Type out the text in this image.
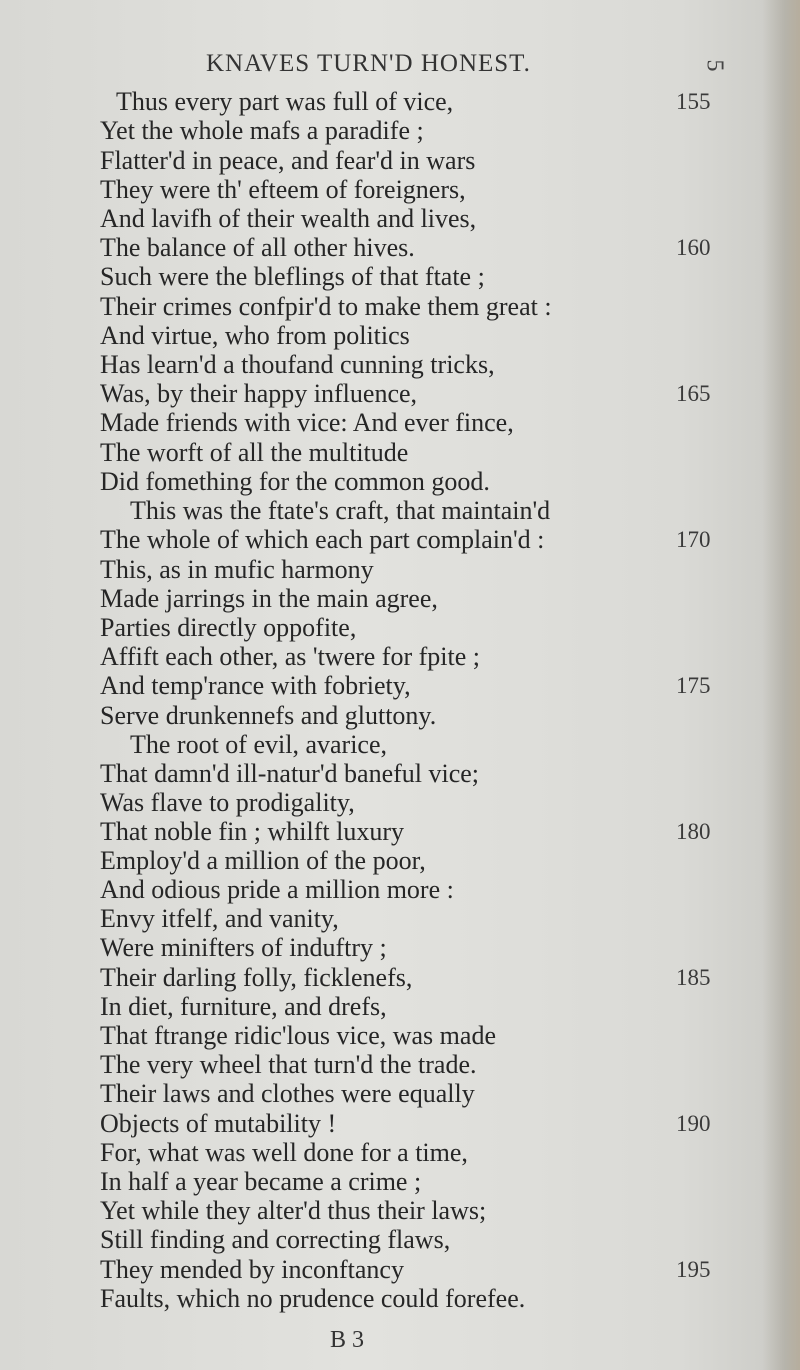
KNAVES TURN'D HONEST.	5
Thus every part was full of vice,
Yet the whole mafs a paradife ;
Flatter'd in peace, and fear'd in wars
They were th' efteem of foreigners,
And lavifh of their wealth and lives,
The balance of all other hives.
Such were the bleflings of that ftate ;
Their crimes confpir'd to make them great :
And virtue, who from politics
Has learn'd a thoufand cunning tricks,
Was, by their happy influence,
Made friends with vice: And ever fince,
The worft of all the multitude
Did fomething for the common good.
This was the ftate's craft, that maintain'd
The whole of which each part complain'd :
This, as in mufic harmony
Made jarrings in the main agree,
Parties directly oppofite,
Affift each other, as 'twere for fpite ;
And temp'rance with fobriety,
Serve drunkennefs and gluttony.
The root of evil, avarice,
That damn'd ill-natur'd baneful vice;
Was flave to prodigality,
That noble fin ; whilft luxury
Employ'd a million of the poor,
And odious pride a million more :
Envy itfelf, and vanity,
Were minifters of induftry ;
Their darling folly, ficklenefs,
In diet, furniture, and drefs,
That ftrange ridic'lous vice, was made
The very wheel that turn'd the trade.
Their laws and clothes were equally
Objects of mutability !
For, what was well done for a time,
In half a year became a crime ;
Yet while they alter'd thus their laws;
Still finding and correcting flaws,
They mended by inconftancy
Faults, which no prudence could forefee.
155
160
165
170
175
180
185
190
195
B 3
